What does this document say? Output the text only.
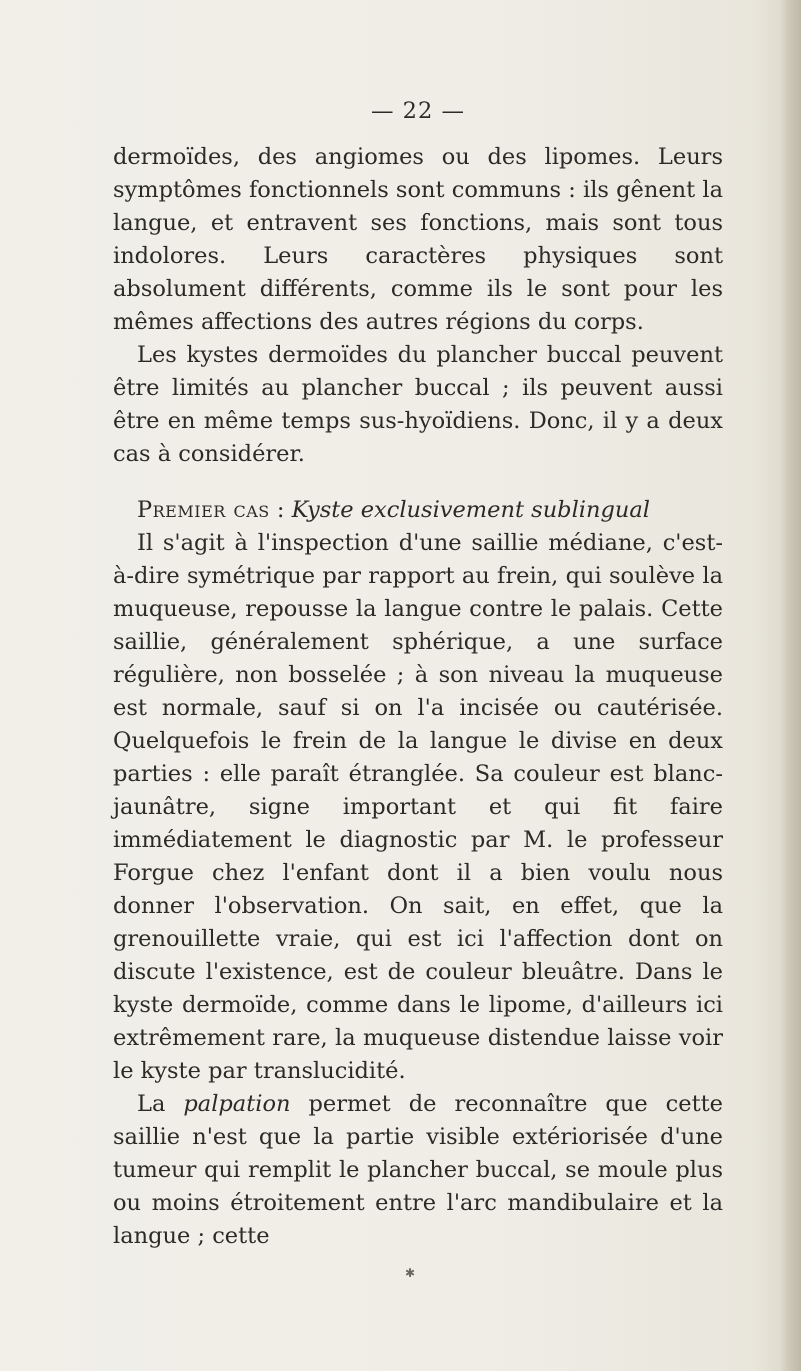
— 22 —

dermoïdes, des angiomes ou des lipomes. Leurs symptômes fonctionnels sont communs : ils gênent la langue, et entravent ses fonctions, mais sont tous indolores. Leurs caractères physiques sont absolument différents, comme ils le sont pour les mêmes affections des autres régions du corps.

Les kystes dermoïdes du plancher buccal peuvent être limités au plancher buccal ; ils peuvent aussi être en même temps sus-hyoïdiens. Donc, il y a deux cas à considérer.

Premier cas : Kyste exclusivement sublingual

Il s'agit à l'inspection d'une saillie médiane, c'est-à-dire symétrique par rapport au frein, qui soulève la muqueuse, repousse la langue contre le palais. Cette saillie, généralement sphérique, a une surface régulière, non bosselée ; à son niveau la muqueuse est normale, sauf si on l'a incisée ou cautérisée. Quelquefois le frein de la langue le divise en deux parties : elle paraît étranglée. Sa couleur est blanc-jaunâtre, signe important et qui fit faire immédiatement le diagnostic par M. le professeur Forgue chez l'enfant dont il a bien voulu nous donner l'observation. On sait, en effet, que la grenouillette vraie, qui est ici l'affection dont on discute l'existence, est de couleur bleuâtre. Dans le kyste dermoïde, comme dans le lipome, d'ailleurs ici extrêmement rare, la muqueuse distendue laisse voir le kyste par translucidité.

La palpation permet de reconnaître que cette saillie n'est que la partie visible extériorisée d'une tumeur qui remplit le plancher buccal, se moule plus ou moins étroitement entre l'arc mandibulaire et la langue ; cette

✱
